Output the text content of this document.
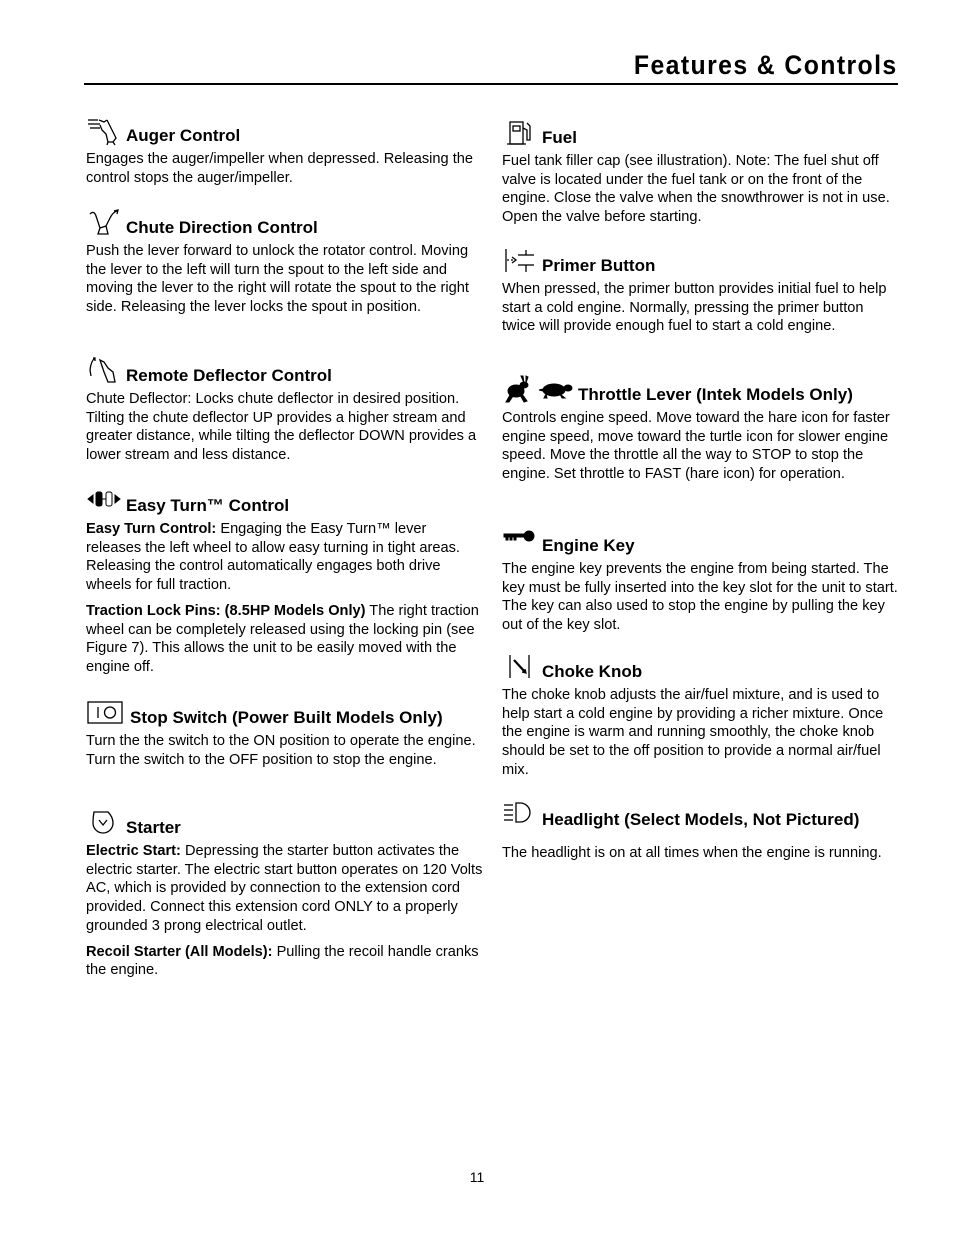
Features & Controls
Auger Control

Engages the auger/impeller when depressed. Releasing the control stops the auger/impeller.

Chute Direction Control

Push the lever forward to unlock the rotator control. Moving the lever to the left will turn the spout to the left side and moving the lever to the right will rotate the spout to the right side. Releasing the lever locks the spout in position.

Remote Deflector Control

Chute Deflector: Locks chute deflector in desired position. Tilting the chute deflector UP provides a higher stream and greater distance, while tilting the deflector DOWN provides a lower stream and less distance.

Easy Turn™ Control

Easy Turn Control: Engaging the Easy Turn™ lever releases the left wheel to allow easy turning in tight areas. Releasing the control automatically engages both drive wheels for full traction.

Traction Lock Pins: (8.5HP Models Only) The right traction wheel can be completely released using the locking pin (see Figure 7). This allows the unit to be easily moved with the engine off.

Stop Switch (Power Built Models Only)

Turn the the switch to the ON position to operate the engine. Turn the switch to the OFF position to stop the engine.

Starter

Electric Start: Depressing the starter button activates the electric starter. The electric start button operates on 120 Volts AC, which is provided by connection to the extension cord provided. Connect this extension cord ONLY to a properly grounded 3 prong electrical outlet.

Recoil Starter (All Models): Pulling the recoil handle cranks the engine.

Fuel

Fuel tank filler cap (see illustration). Note: The fuel shut off valve is located under the fuel tank or on the front of the engine. Close the valve when the snowthrower is not in use. Open the valve before starting.

Primer Button

When pressed, the primer button provides initial fuel to help start a cold engine. Normally, pressing the primer button twice will provide enough fuel to start a cold engine.

Throttle Lever (Intek Models Only)

Controls engine speed. Move toward the hare icon for faster engine speed, move toward the turtle icon for slower engine speed. Move the throttle all the way to STOP to stop the engine. Set throttle to FAST (hare icon) for operation.

Engine Key

The engine key prevents the engine from being started. The key must be fully inserted into the key slot for the unit to start. The key can also used to stop the engine by pulling the key out of the key slot.

Choke Knob

The choke knob adjusts the air/fuel mixture, and is used to help start a cold engine by providing a richer mixture. Once the engine is warm and running smoothly, the choke knob should be set to the off position to provide a normal air/fuel mix.

Headlight (Select Models, Not Pictured)

The headlight is on at all times when the engine is running.

11
